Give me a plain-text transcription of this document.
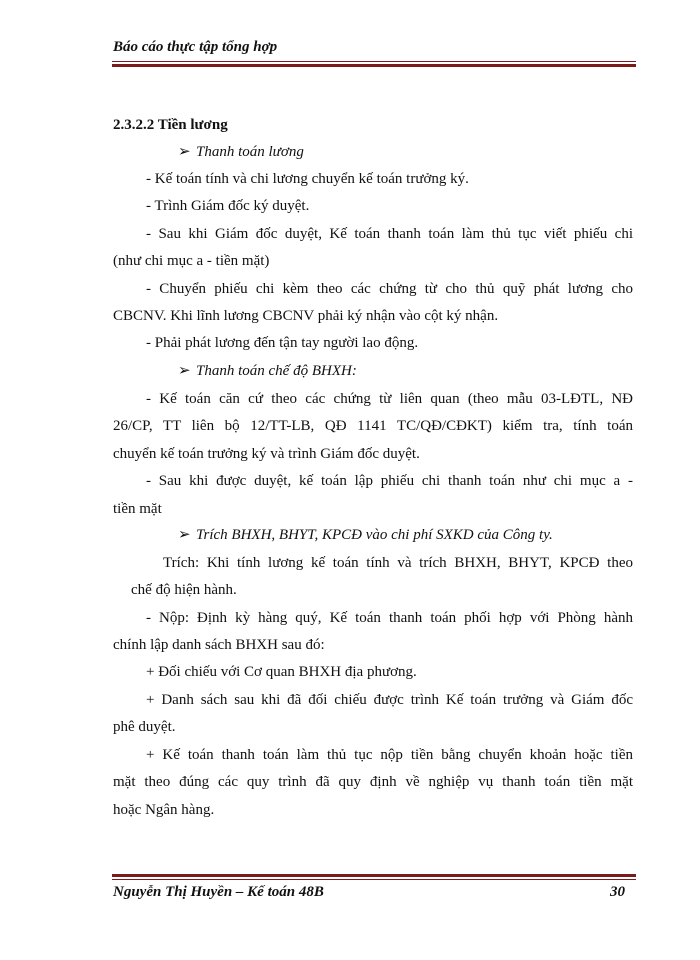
Báo cáo thực tập tổng hợp
2.3.2.2 Tiền lương
➢ Thanh toán lương
- Kế toán tính và chi lương chuyển kế toán trưởng ký.
- Trình Giám đốc ký duyệt.
- Sau khi Giám đốc duyệt, Kế toán thanh toán làm thủ tục viết phiếu chi
(như chi mục a - tiền mặt)
- Chuyển phiếu chi kèm theo các chứng từ cho thủ quỹ phát lương cho
CBCNV. Khi lĩnh lương CBCNV phải ký nhận vào cột ký nhận.
- Phải phát lương đến tận tay người lao động.
➢ Thanh toán chế độ BHXH:
- Kế toán căn cứ theo các chứng từ liên quan (theo mẫu 03-LĐTL, NĐ
26/CP, TT liên bộ 12/TT-LB, QĐ 1141 TC/QĐ/CĐKT) kiểm tra, tính toán
chuyển kế toán trưởng ký và trình Giám đốc duyệt.
- Sau khi được duyệt, kế toán lập phiếu chi thanh toán như chi mục a -
tiền mặt
➢ Trích BHXH, BHYT, KPCĐ vào chi phí SXKD của Công ty.
Trích: Khi tính lương kế toán tính và trích BHXH, BHYT, KPCĐ theo
chế độ hiện hành.
- Nộp: Định kỳ hàng quý, Kế toán thanh toán phối hợp với Phòng hành
chính lập danh sách BHXH sau đó:
+ Đối chiếu với Cơ quan BHXH địa phương.
+ Danh sách sau khi đã đối chiếu được trình Kế toán trưởng và Giám đốc
phê duyệt.
+ Kế toán thanh toán làm thủ tục nộp tiền bằng chuyển khoản hoặc tiền
mặt theo đúng các quy trình đã quy định về nghiệp vụ thanh toán tiền mặt
hoặc Ngân hàng.
Nguyễn Thị Huyền – Kế toán 48B	30
